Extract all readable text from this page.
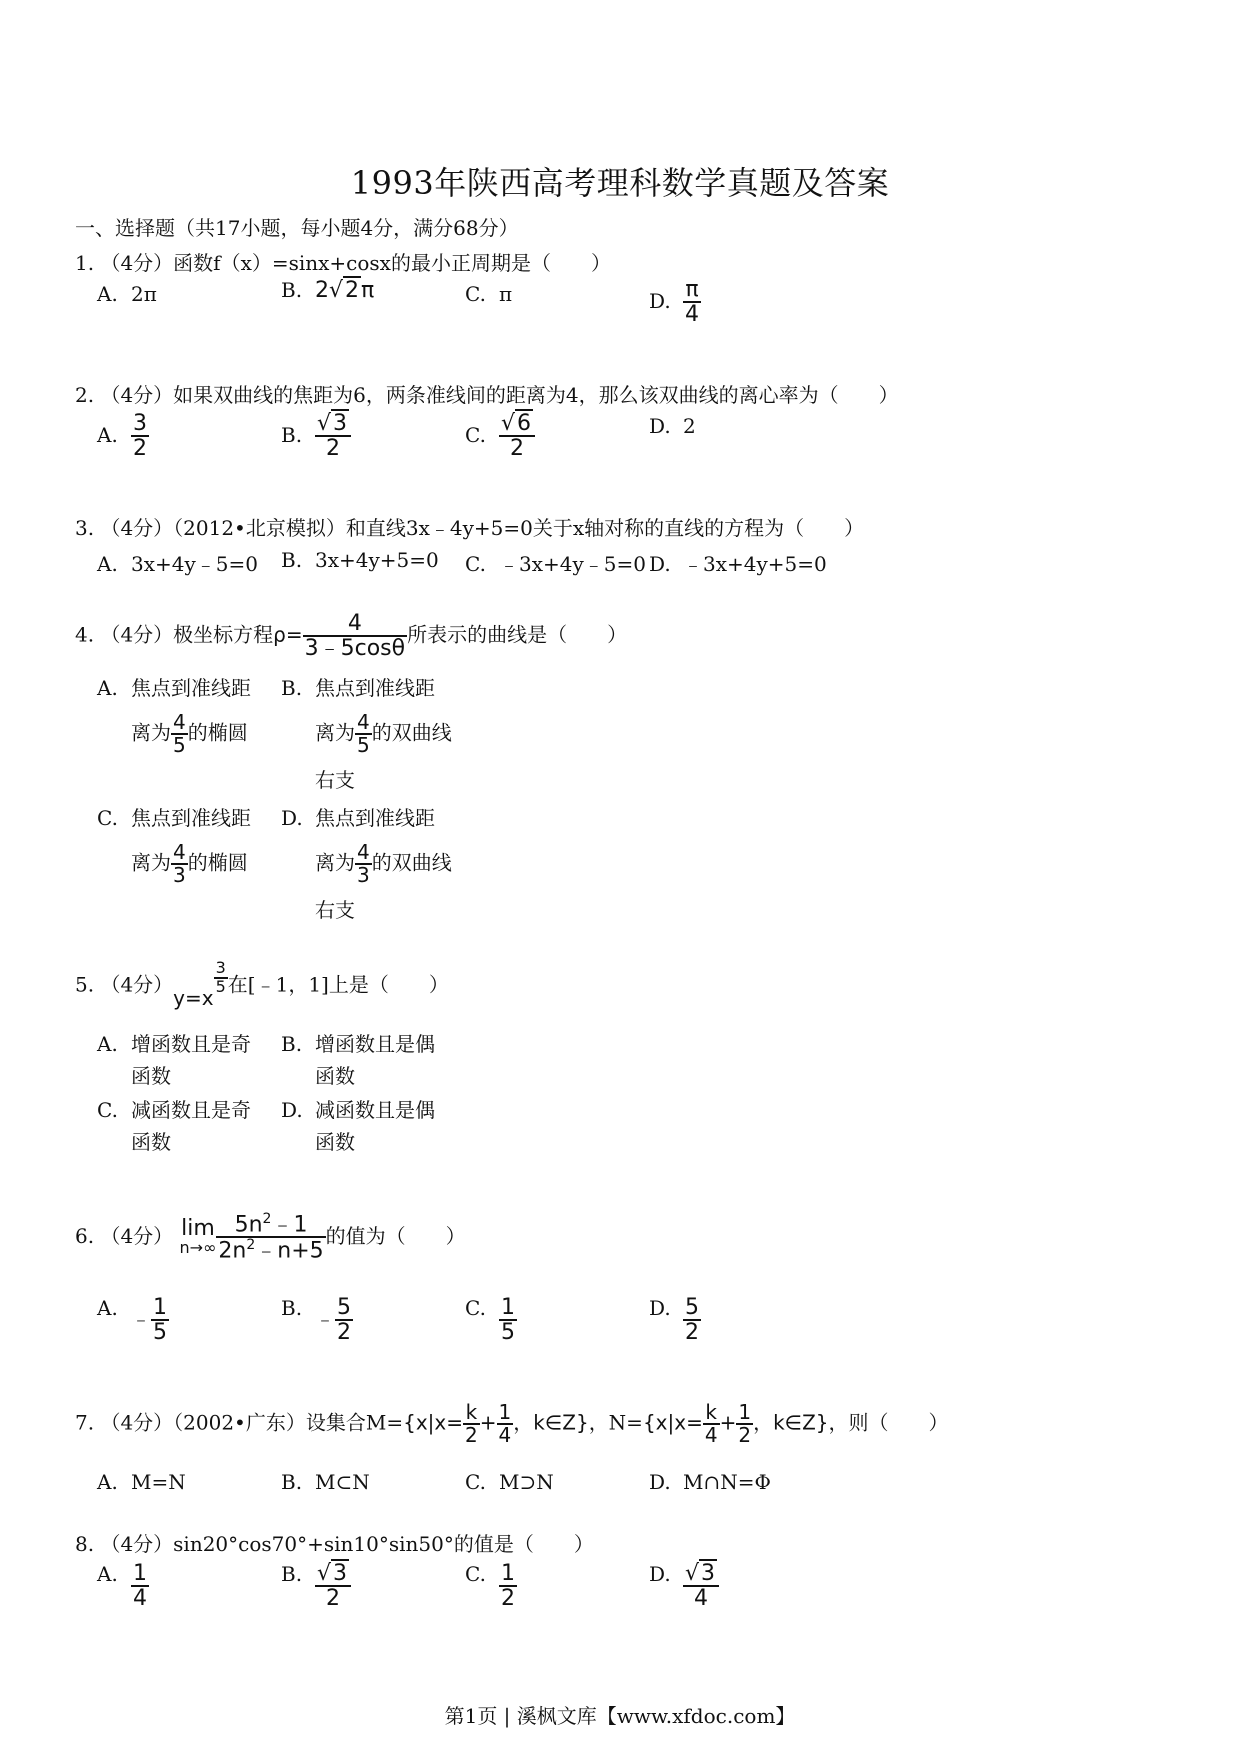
1993年陕西高考理科数学真题及答案
一、选择题（共17小题，每小题4分，满分68分）
1. （4分）函数f（x）=sinx+cosx的最小正周期是（　　）
A. 2π	B. 2√2π	C. π	D. $\frac{\pi}{4}$
2. （4分）如果双曲线的焦距为6，两条准线间的距离为4，那么该双曲线的离心率为（　　）
A. $\frac{3}{2}$	B. $\frac{√3}{2}$	C. $\frac{√6}{2}$	D. 2
3. （4分）（2012•北京模拟）和直线3x﹣4y+5=0关于x轴对称的直线的方程为（　　）
A. 3x+4y﹣5=0 B. 3x+4y+5=0 C. ﹣3x+4y﹣5=0 D. ﹣3x+4y+5=0
4. （4分）极坐标方程$\rho= \frac{4}{3﹣5\cos\theta}$ 所表示的曲线是（　　）
A. 焦点到准线距
离为 $\frac{4}{5}$ 的椭圆
B. 焦点到准线距
离为 $\frac{4}{5}$ 的双曲线
右支
C. 焦点到准线距
离为 $\frac{4}{3}$ 的椭圆
D. 焦点到准线距
离为 $\frac{4}{3}$ 的双曲线
右支
5. （4分）y=x
$\frac{3}{5}$ 在[﹣1，1]上是（　　）
A. 增函数且是奇
函数
B. 增函数且是偶
函数
C. 减函数且是奇
函数
D. 减函数且是偶
函数
6. （4分） lim
$n\to\infty \frac{5n^2﹣1}{2n^2﹣n+5}$ 的值为（　　）
A. ﹣ $\frac{1}{5}$	B. ﹣ $\frac{5}{2}$	C. $\frac{1}{5}$	D. $\frac{5}{2}$
7. （4分）（2002•广东）设集合$M=\{x|x= \frac{k}{2} + \frac{1}{4}$ ，k∈Z}，$N=\{x|x= \frac{k}{4} + \frac{1}{2}$ ，k∈Z}，则（　　）
A. M=N	B. M⊂N	C. M⊃N	D. M∩N=Φ
8. （4分）sin20°cos70°+sin10°sin50°的值是（　　）
A. $\frac{1}{4}$	B. $\frac{√3}{2}$	C. $\frac{1}{2}$	D. $\frac{√3}{4}$
第1页 | 溪枫文库【www.xfdoc.com】
